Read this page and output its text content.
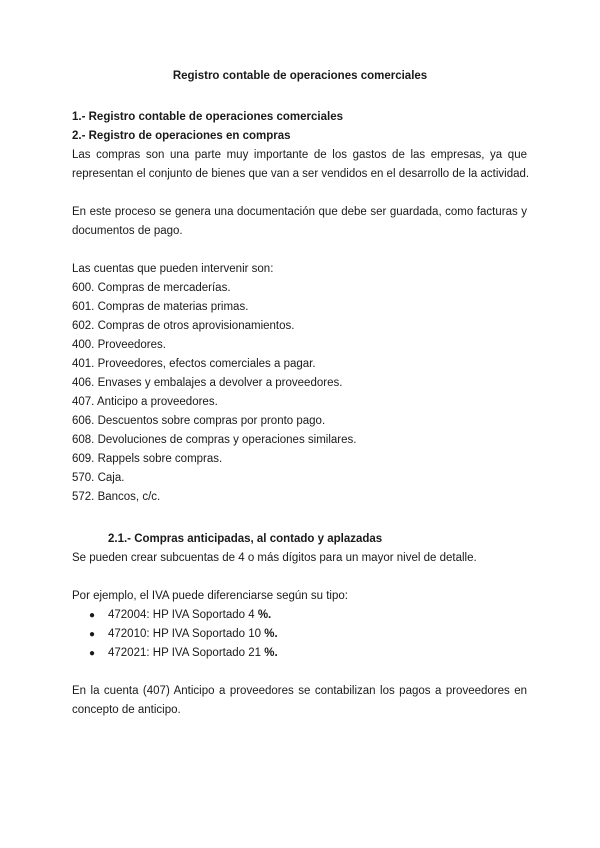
Registro contable de operaciones comerciales
1.- Registro contable de operaciones comerciales
2.- Registro de operaciones en compras
Las compras son una parte muy importante de los gastos de las empresas, ya que
representan el conjunto de bienes que van a ser vendidos en el desarrollo de la actividad.
En este proceso se genera una documentación que debe ser guardada, como facturas y
documentos de pago.
Las cuentas que pueden intervenir son:
600. Compras de mercaderías.
601. Compras de materias primas.
602. Compras de otros aprovisionamientos.
400. Proveedores.
401. Proveedores, efectos comerciales a pagar.
406. Envases y embalajes a devolver a proveedores.
407. Anticipo a proveedores.
606. Descuentos sobre compras por pronto pago.
608. Devoluciones de compras y operaciones similares.
609. Rappels sobre compras.
570. Caja.
572. Bancos, c/c.
2.1.- Compras anticipadas, al contado y aplazadas
Se pueden crear subcuentas de 4 o más dígitos para un mayor nivel de detalle.
Por ejemplo, el IVA puede diferenciarse según su tipo:
● 472004: HP IVA Soportado 4 %.
● 472010: HP IVA Soportado 10 %.
● 472021: HP IVA Soportado 21 %.
En la cuenta (407) Anticipo a proveedores se contabilizan los pagos a proveedores en
concepto de anticipo.
